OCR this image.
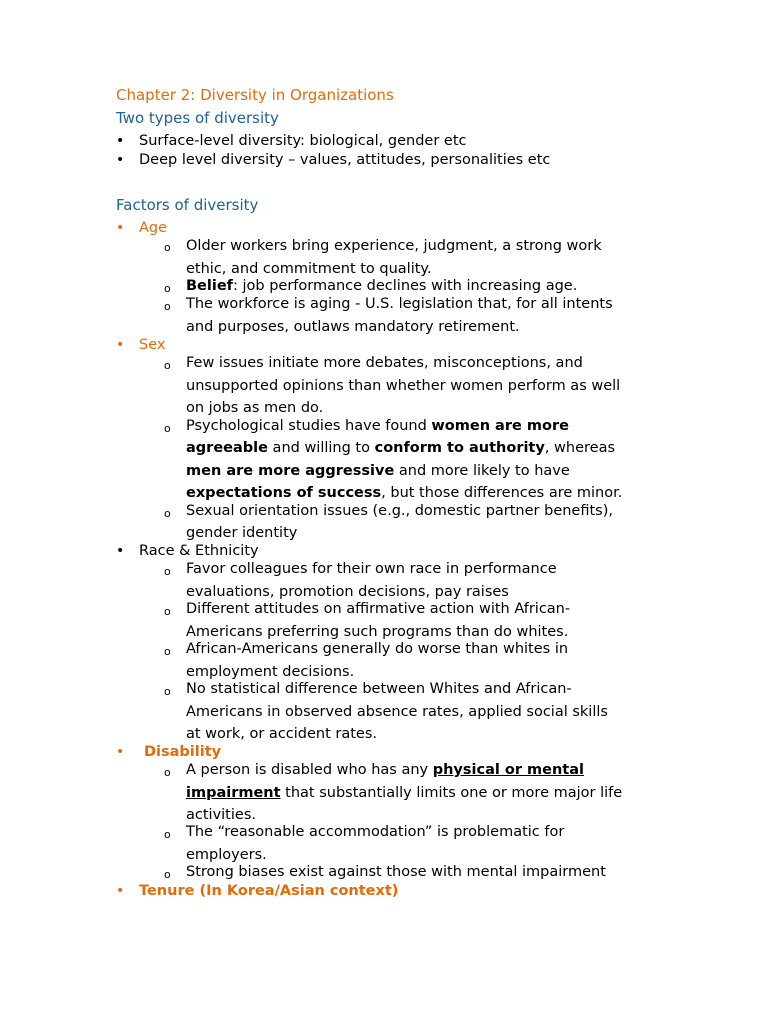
Chapter 2: Diversity in Organizations
Two types of diversity
• Surface-level diversity: biological, gender etc
• Deep level diversity – values, attitudes, personalities etc
Factors of diversity
• Age
o Older workers bring experience, judgment, a strong work
ethic, and commitment to quality.
o Belief: job performance declines with increasing age.
o The workforce is aging - U.S. legislation that, for all intents
and purposes, outlaws mandatory retirement.
• Sex
o Few issues initiate more debates, misconceptions, and
unsupported opinions than whether women perform as well
on jobs as men do.
o Psychological studies have found women are more
agreeable and willing to conform to authority, whereas
men are more aggressive and more likely to have
expectations of success, but those differences are minor.
o Sexual orientation issues (e.g., domestic partner benefits),
gender identity
• Race & Ethnicity
o Favor colleagues for their own race in performance
evaluations, promotion decisions, pay raises
o Different attitudes on affirmative action with African-
Americans preferring such programs than do whites.
o African-Americans generally do worse than whites in
employment decisions.
o No statistical difference between Whites and African-
Americans in observed absence rates, applied social skills
at work, or accident rates.
• Disability
o A person is disabled who has any physical or mental
impairment that substantially limits one or more major life
activities.
o The “reasonable accommodation” is problematic for
employers.
o Strong biases exist against those with mental impairment
• Tenure (In Korea/Asian context)
